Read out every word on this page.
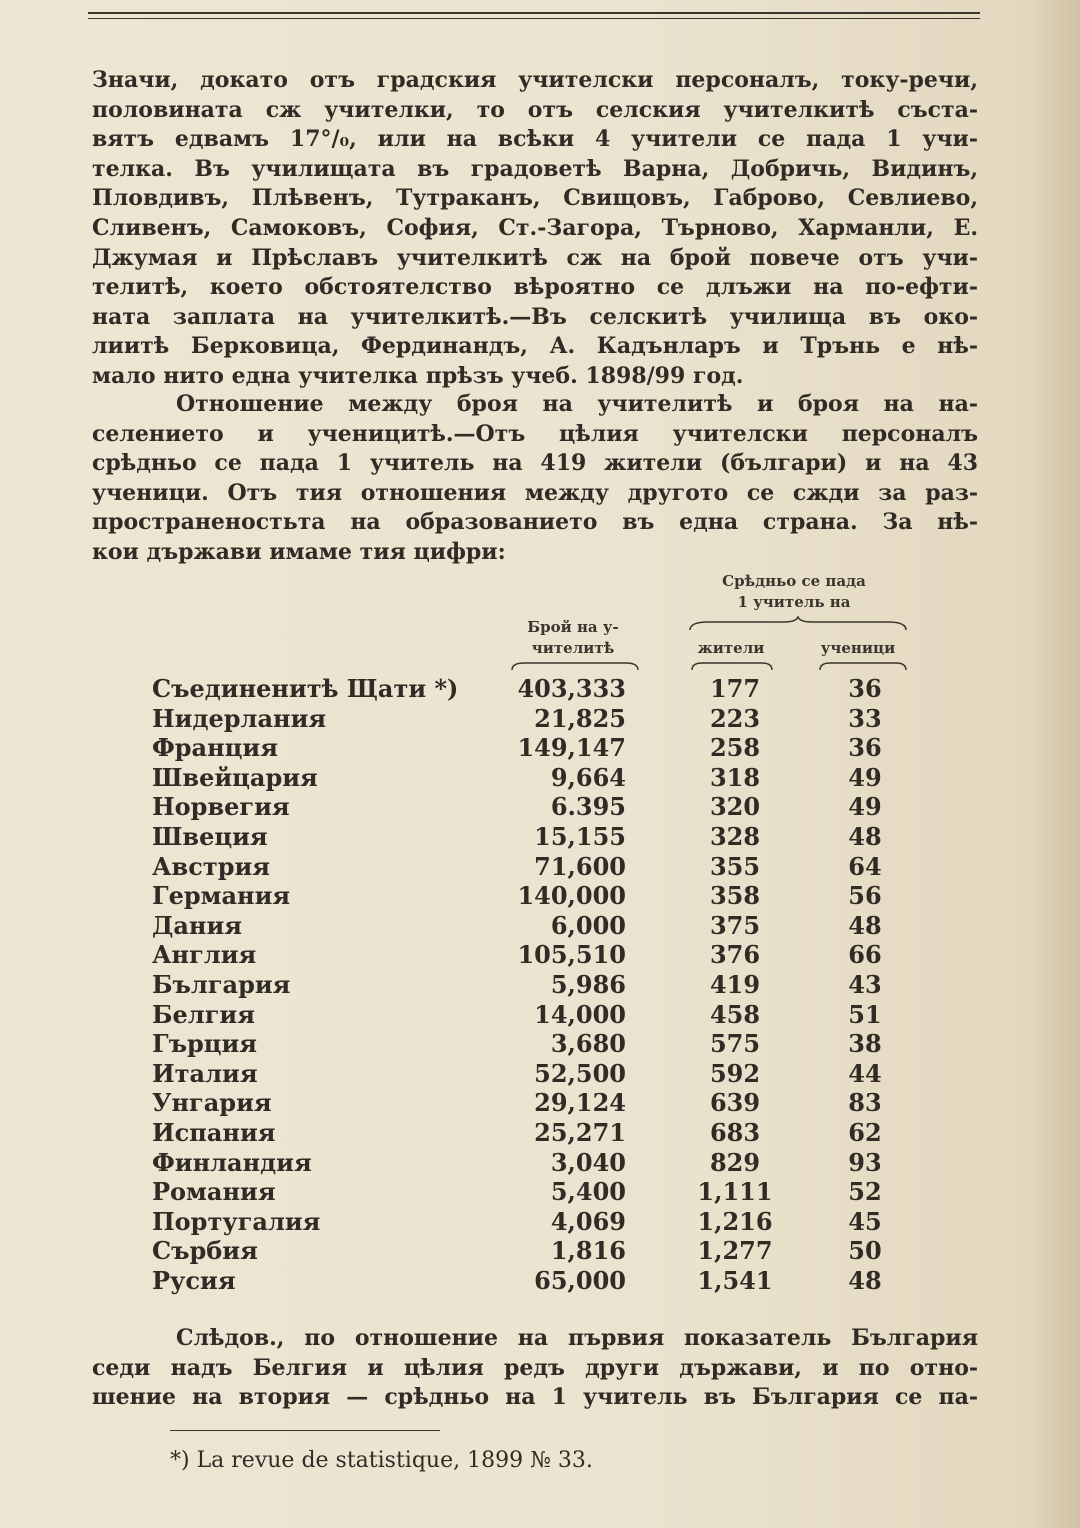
Значи, докато отъ градския учителски персоналъ, току-речи,
половината сж учителки, то отъ селския учителкитѣ съста-
вятъ едвамъ 17°/₀, или на всѣки 4 учители се пада 1 учи-
телка. Въ училищата въ градоветѣ Варна, Добричь, Видинъ,
Пловдивъ, Плѣвенъ, Тутраканъ, Свищовъ, Габрово, Севлиево,
Сливенъ, Самоковъ, София, Ст.-Загора, Търново, Харманли, Е.
Джумая и Прѣславъ учителкитѣ сж на брой повече отъ учи-
телитѣ, което обстоятелство вѣроятно се длъжи на по-ефти-
ната заплата на учителкитѣ.—Въ селскитѣ училища въ око-
лиитѣ Берковица, Фердинандъ, А. Кадънларъ и Трънь е нѣ-
мало нито една учителка прѣзъ учеб. 1898/99 год.
Отношение между броя на учителитѣ и броя на на-
селението и ученицитѣ.—Отъ цѣлия учителски персоналъ
срѣдньо се пада 1 учитель на 419 жители (българи) и на 43
ученици. Отъ тия отношения между другото се сжди за раз-
пространеностьта на образованието въ една страна. За нѣ-
кои държави имаме тия цифри:
Срѣдньо се пада
1 учитель на
Брой на у-
чителитѣ	жители	ученици
Съединенитѣ Щати *) 403,333	177	36
Нидерлания	21,825	223	33
Франция	149,147	258	36
Швейцария	9,664	318	49
Норвегия	6.395	320	49
Швеция	15,155	328	48
Австрия	71,600	355	64
Германия	140,000	358	56
Дания	6,000	375	48
Англия	105,510	376	66
България	5,986	419	43
Белгия	14,000	458	51
Гърция	3,680	575	38
Италия	52,500	592	44
Унгария	29,124	639	83
Испания	25,271	683	62
Финландия	3,040	829	93
Романия	5,400	1,111	52
Португалия	4,069	1,216	45
Сърбия	1,816	1,277	50
Русия	65,000	1,541	48
Слѣдов., по отношение на първия показатель България
седи надъ Белгия и цѣлия редъ други държави, и по отно-
шение на втория — срѣдньо на 1 учитель въ България се па-
*) La revue de statistique, 1899 № 33.
